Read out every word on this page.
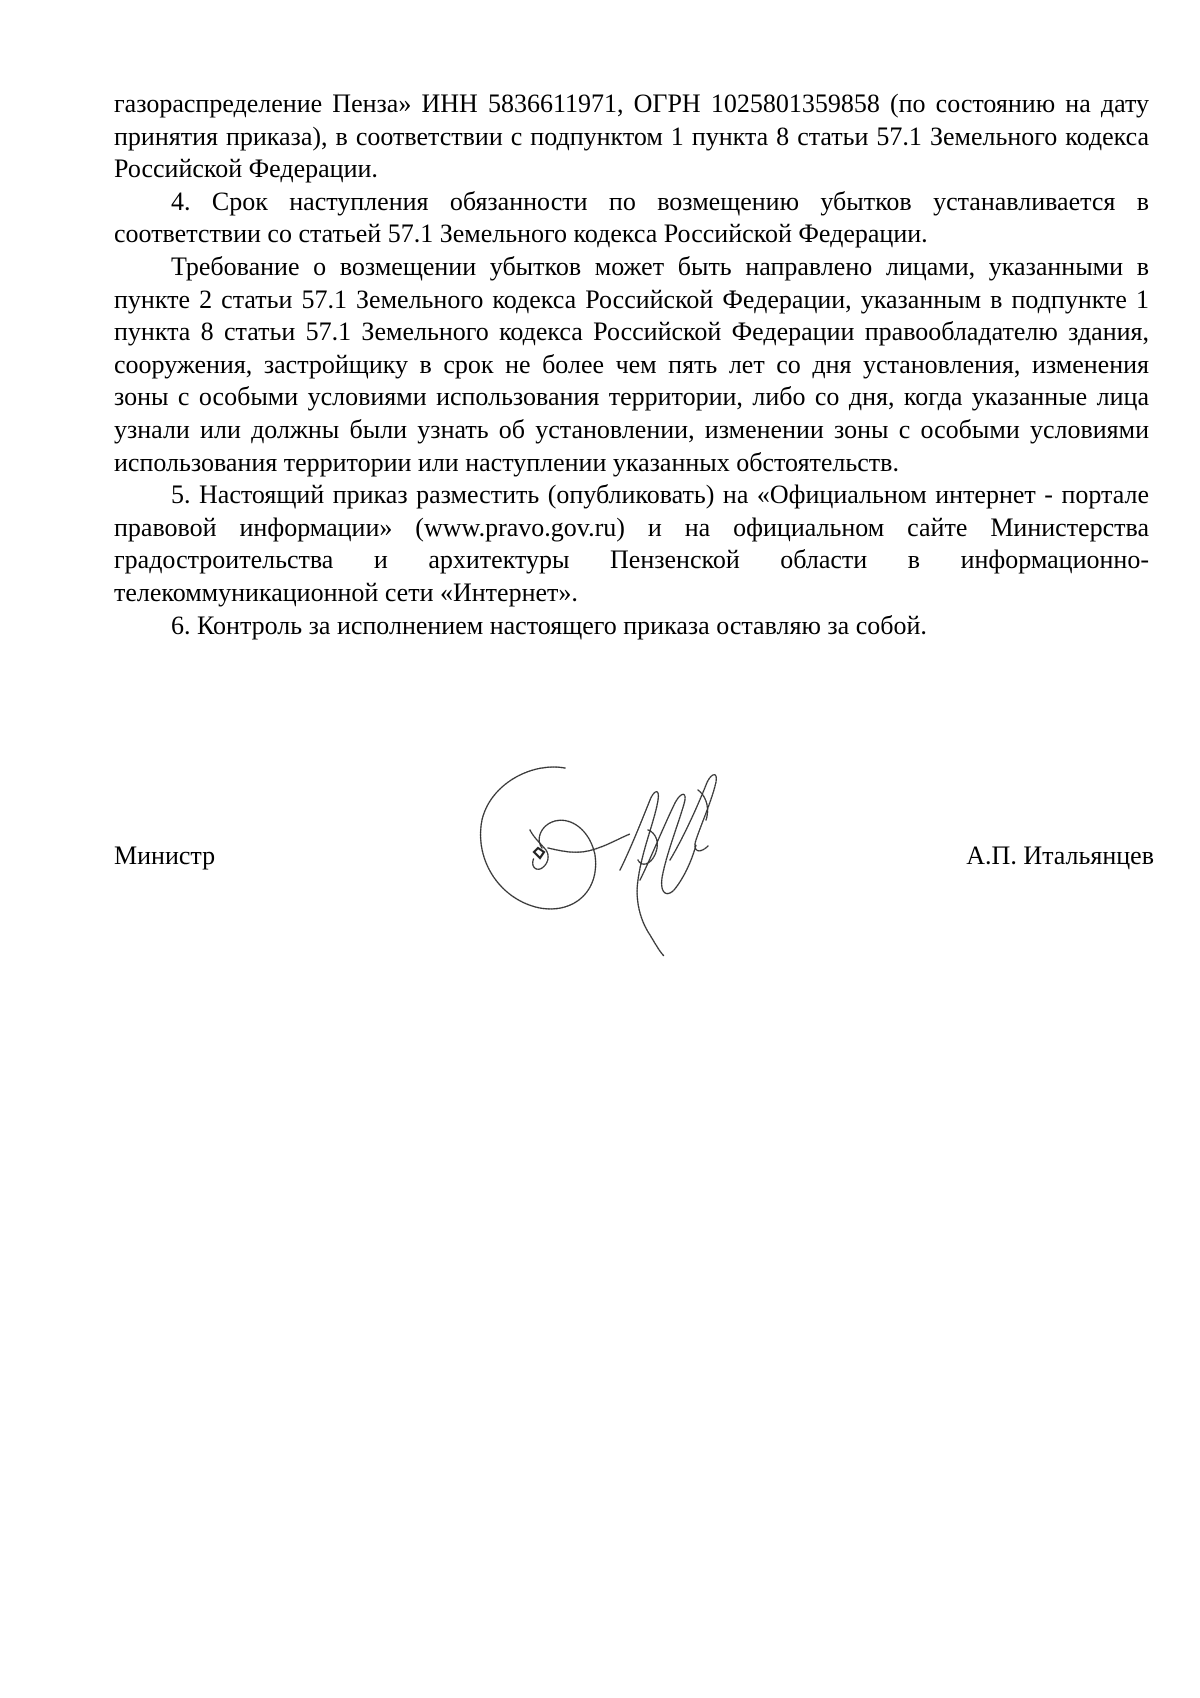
газораспределение Пенза» ИНН 5836611971, ОГРН 1025801359858 (по состоянию на дату принятия приказа), в соответствии с подпунктом 1 пункта 8 статьи 57.1 Земельного кодекса Российской Федерации.

4. Срок наступления обязанности по возмещению убытков устанавливается в соответствии со статьей 57.1 Земельного кодекса Российской Федерации.

Требование о возмещении убытков может быть направлено лицами, указанными в пункте 2 статьи 57.1 Земельного кодекса Российской Федерации, указанным в подпункте 1 пункта 8 статьи 57.1 Земельного кодекса Российской Федерации правообладателю здания, сооружения, застройщику в срок не более чем пять лет со дня установления, изменения зоны с особыми условиями использования территории, либо со дня, когда указанные лица узнали или должны были узнать об установлении, изменении зоны с особыми условиями использования территории или наступлении указанных обстоятельств.

5. Настоящий приказ разместить (опубликовать) на «Официальном интернет - портале правовой информации» (www.pravo.gov.ru) и на официальном сайте Министерства градостроительства и архитектуры Пензенской области в информационно-телекоммуникационной сети «Интернет».

6. Контроль за исполнением настоящего приказа оставляю за собой.

Министр	А.П. Итальянцев
